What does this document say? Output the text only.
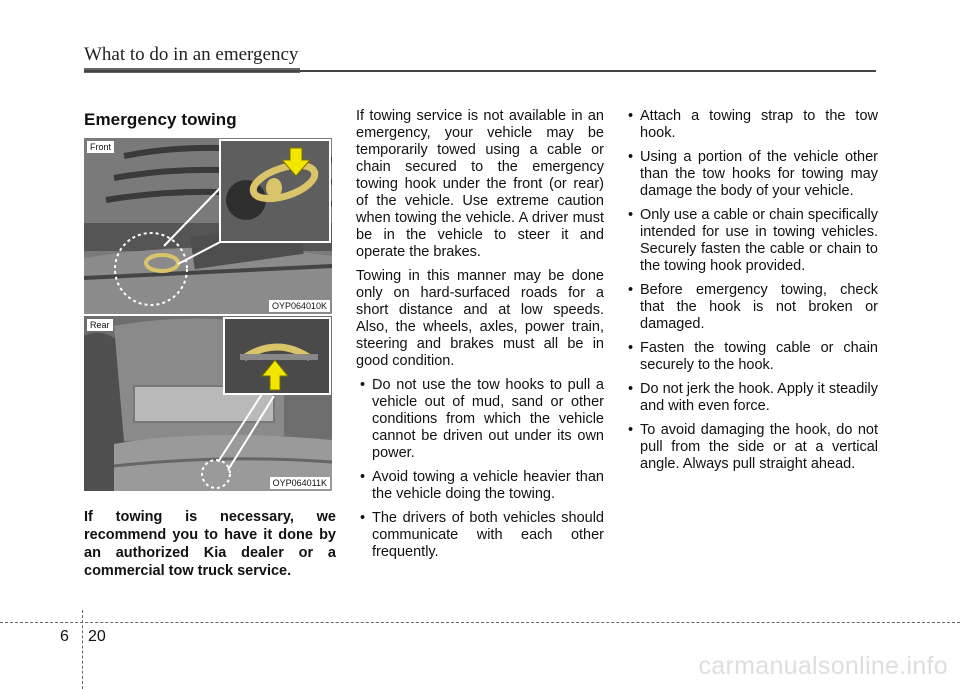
What to do in an emergency
Emergency towing
Front
OYP064010K
Rear
OYP064011K
If towing is necessary, we recommend you to have it done by an authorized Kia dealer or a commercial tow truck service.

If towing service is not available in an emergency, your vehicle may be temporarily towed using a cable or chain secured to the emergency towing hook under the front (or rear) of the vehicle. Use extreme caution when towing the vehicle. A driver must be in the vehicle to steer it and operate the brakes.

Towing in this manner may be done only on hard-surfaced roads for a short distance and at low speeds. Also, the wheels, axles, power train, steering and brakes must all be in good condition.

• Do not use the tow hooks to pull a vehicle out of mud, sand or other conditions from which the vehicle cannot be driven out under its own power.
• Avoid towing a vehicle heavier than the vehicle doing the towing.
• The drivers of both vehicles should communicate with each other frequently.
• Attach a towing strap to the tow hook.
• Using a portion of the vehicle other than the tow hooks for towing may damage the body of your vehicle.
• Only use a cable or chain specifically intended for use in towing vehicles. Securely fasten the cable or chain to the towing hook provided.
• Before emergency towing, check that the hook is not broken or damaged.
• Fasten the towing cable or chain securely to the hook.
• Do not jerk the hook. Apply it steadily and with even force.
• To avoid damaging the hook, do not pull from the side or at a vertical angle. Always pull straight ahead.
6 20
carmanualsonline.info
